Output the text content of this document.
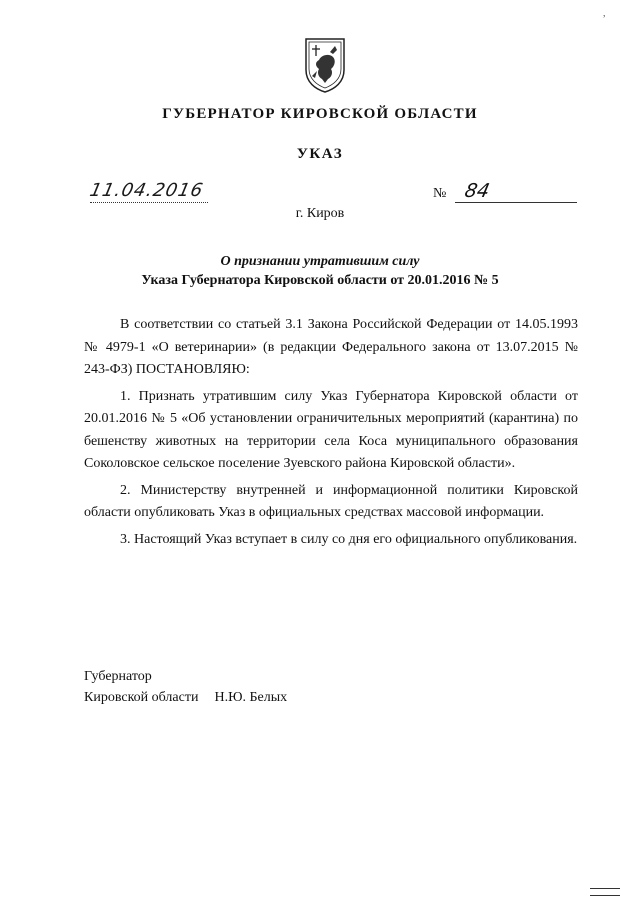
,
ГУБЕРНАТОР КИРОВСКОЙ ОБЛАСТИ
УКАЗ
11.04.2016	№ 84
г. Киров
О признании утратившим силу
Указа Губернатора Кировской области от 20.01.2016 № 5

В соответствии со статьей 3.1 Закона Российской Федерации от 14.05.1993 № 4979-1 «О ветеринарии» (в редакции Федерального закона от 13.07.2015 № 243-ФЗ) ПОСТАНОВЛЯЮ:

1. Признать утратившим силу Указ Губернатора Кировской области от 20.01.2016 № 5 «Об установлении ограничительных мероприятий (карантина) по бешенству животных на территории села Коса муниципального образования Соколовское сельское поселение Зуевского района Кировской области».

2. Министерству внутренней и информационной политики Кировской области опубликовать Указ в официальных средствах массовой информации.

3. Настоящий Указ вступает в силу со дня его официального опубликования.

Губернатор
Кировской области Н.Ю. Белых
